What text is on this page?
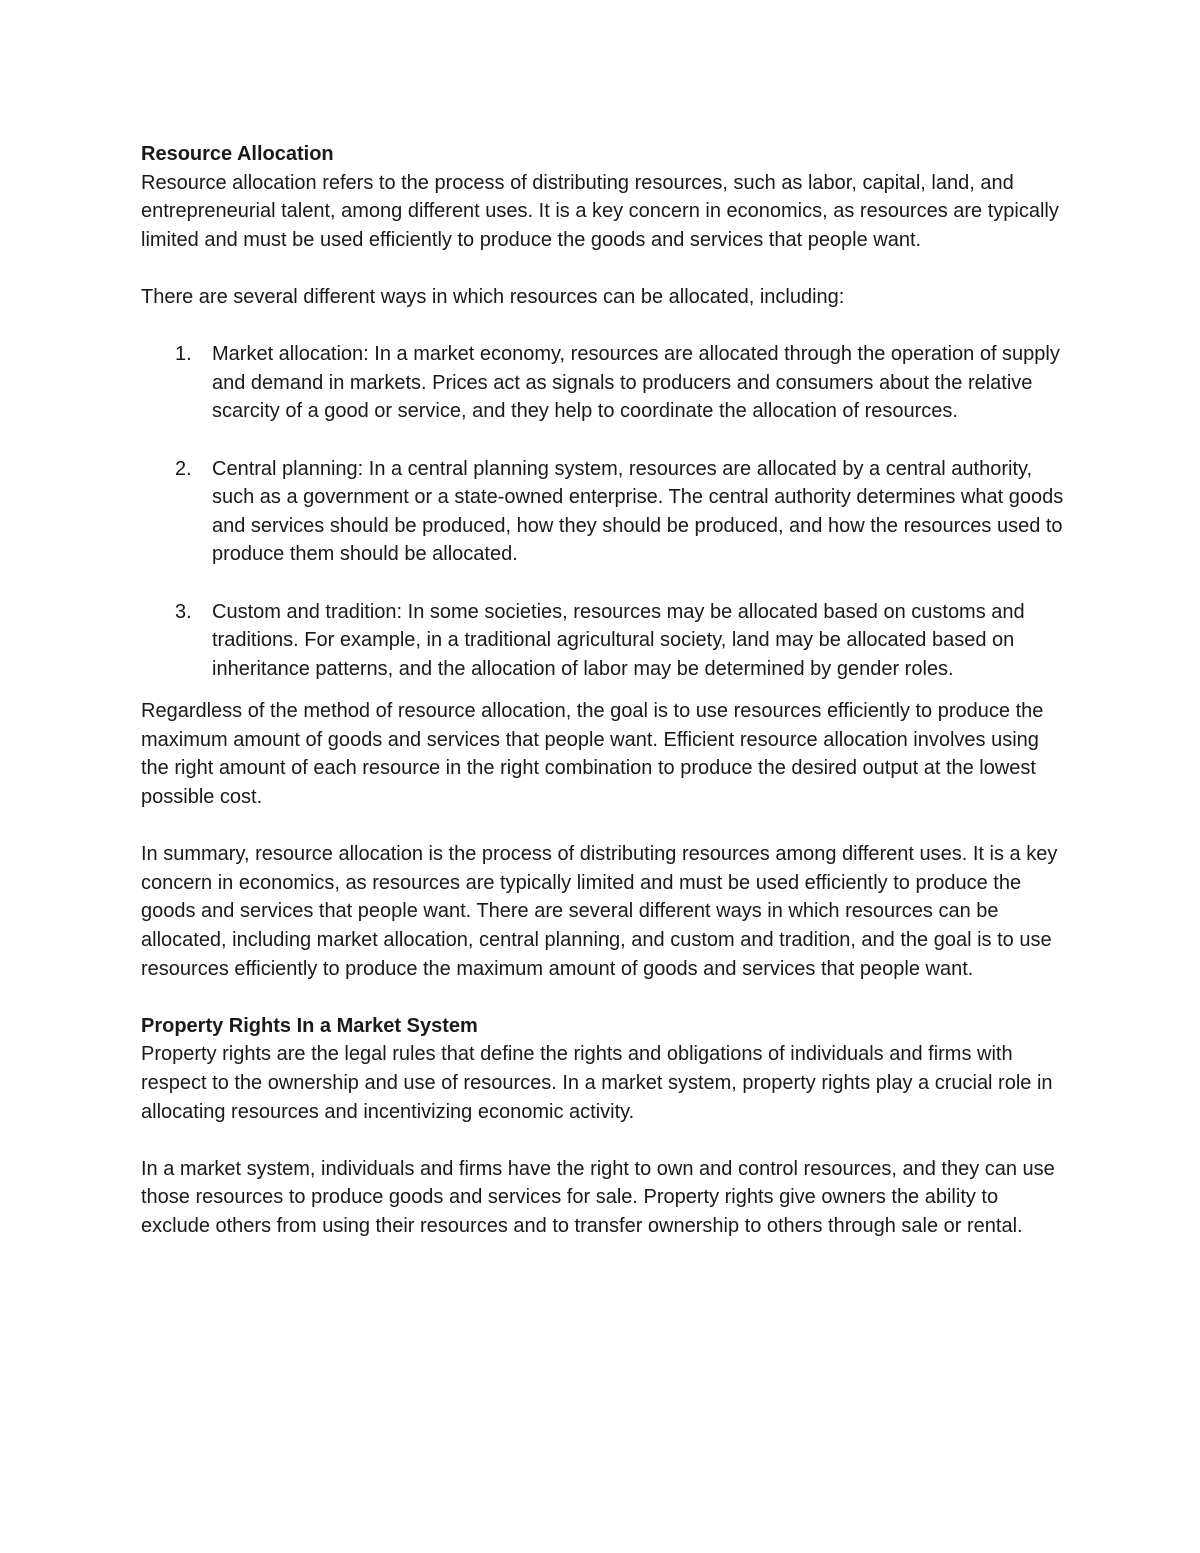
Resource Allocation

Resource allocation refers to the process of distributing resources, such as labor, capital, land, and entrepreneurial talent, among different uses. It is a key concern in economics, as resources are typically limited and must be used efficiently to produce the goods and services that people want.

There are several different ways in which resources can be allocated, including:

1. Market allocation: In a market economy, resources are allocated through the operation of supply and demand in markets. Prices act as signals to producers and consumers about the relative scarcity of a good or service, and they help to coordinate the allocation of resources.
2. Central planning: In a central planning system, resources are allocated by a central authority, such as a government or a state-owned enterprise. The central authority determines what goods and services should be produced, how they should be produced, and how the resources used to produce them should be allocated.
3. Custom and tradition: In some societies, resources may be allocated based on customs and traditions. For example, in a traditional agricultural society, land may be allocated based on inheritance patterns, and the allocation of labor may be determined by gender roles.

Regardless of the method of resource allocation, the goal is to use resources efficiently to produce the maximum amount of goods and services that people want. Efficient resource allocation involves using the right amount of each resource in the right combination to produce the desired output at the lowest possible cost.

In summary, resource allocation is the process of distributing resources among different uses. It is a key concern in economics, as resources are typically limited and must be used efficiently to produce the goods and services that people want. There are several different ways in which resources can be allocated, including market allocation, central planning, and custom and tradition, and the goal is to use resources efficiently to produce the maximum amount of goods and services that people want.

Property Rights In a Market System

Property rights are the legal rules that define the rights and obligations of individuals and firms with respect to the ownership and use of resources. In a market system, property rights play a crucial role in allocating resources and incentivizing economic activity.

In a market system, individuals and firms have the right to own and control resources, and they can use those resources to produce goods and services for sale. Property rights give owners the ability to exclude others from using their resources and to transfer ownership to others through sale or rental.
